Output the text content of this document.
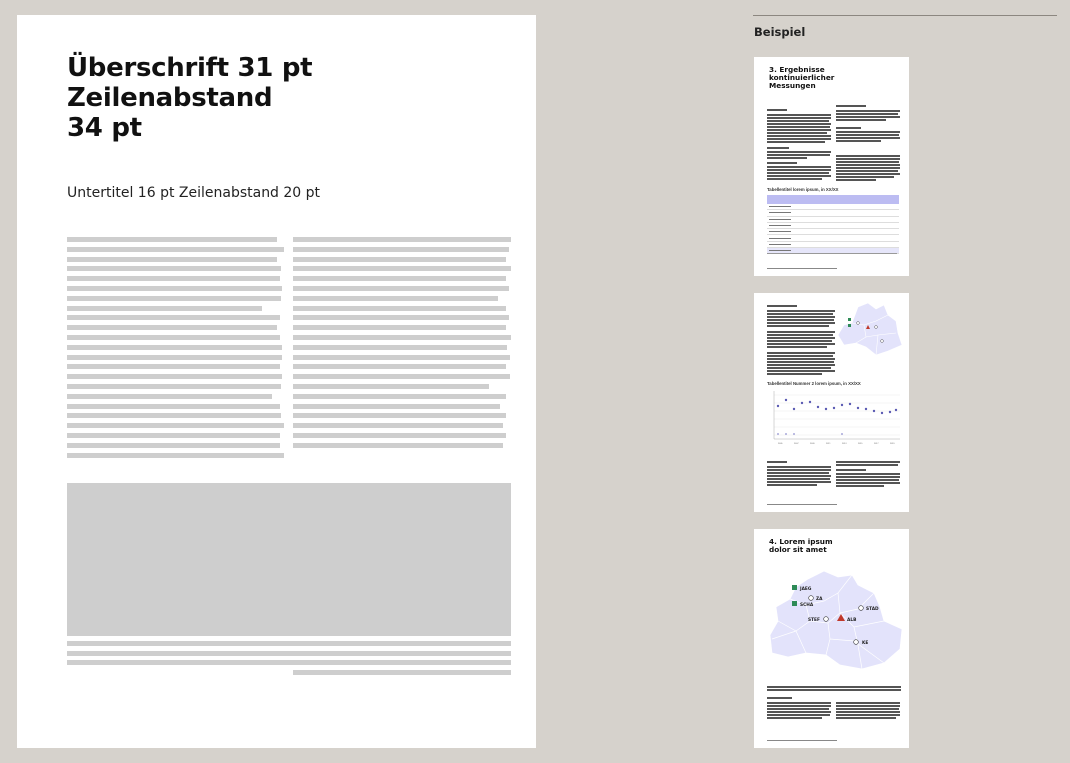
Überschrift 31 pt
Zeilenabstand
34 pt
Untertitel 16 pt Zeilenabstand 20 pt
Beispiel
3. Ergebnisse
kontinuierlicher
Messungen
Tabellentitel lorem ipsum, in XX/XX
Tabellentitel Nummer 2 lorem ipsum, in XX/XX
2005	2007	2009	2011	2013	2015	2017	2019
4. Lorem ipsum
dolor sit amet
JAEG
ZA
SCHA
STAD
STEF	ALB
KE
